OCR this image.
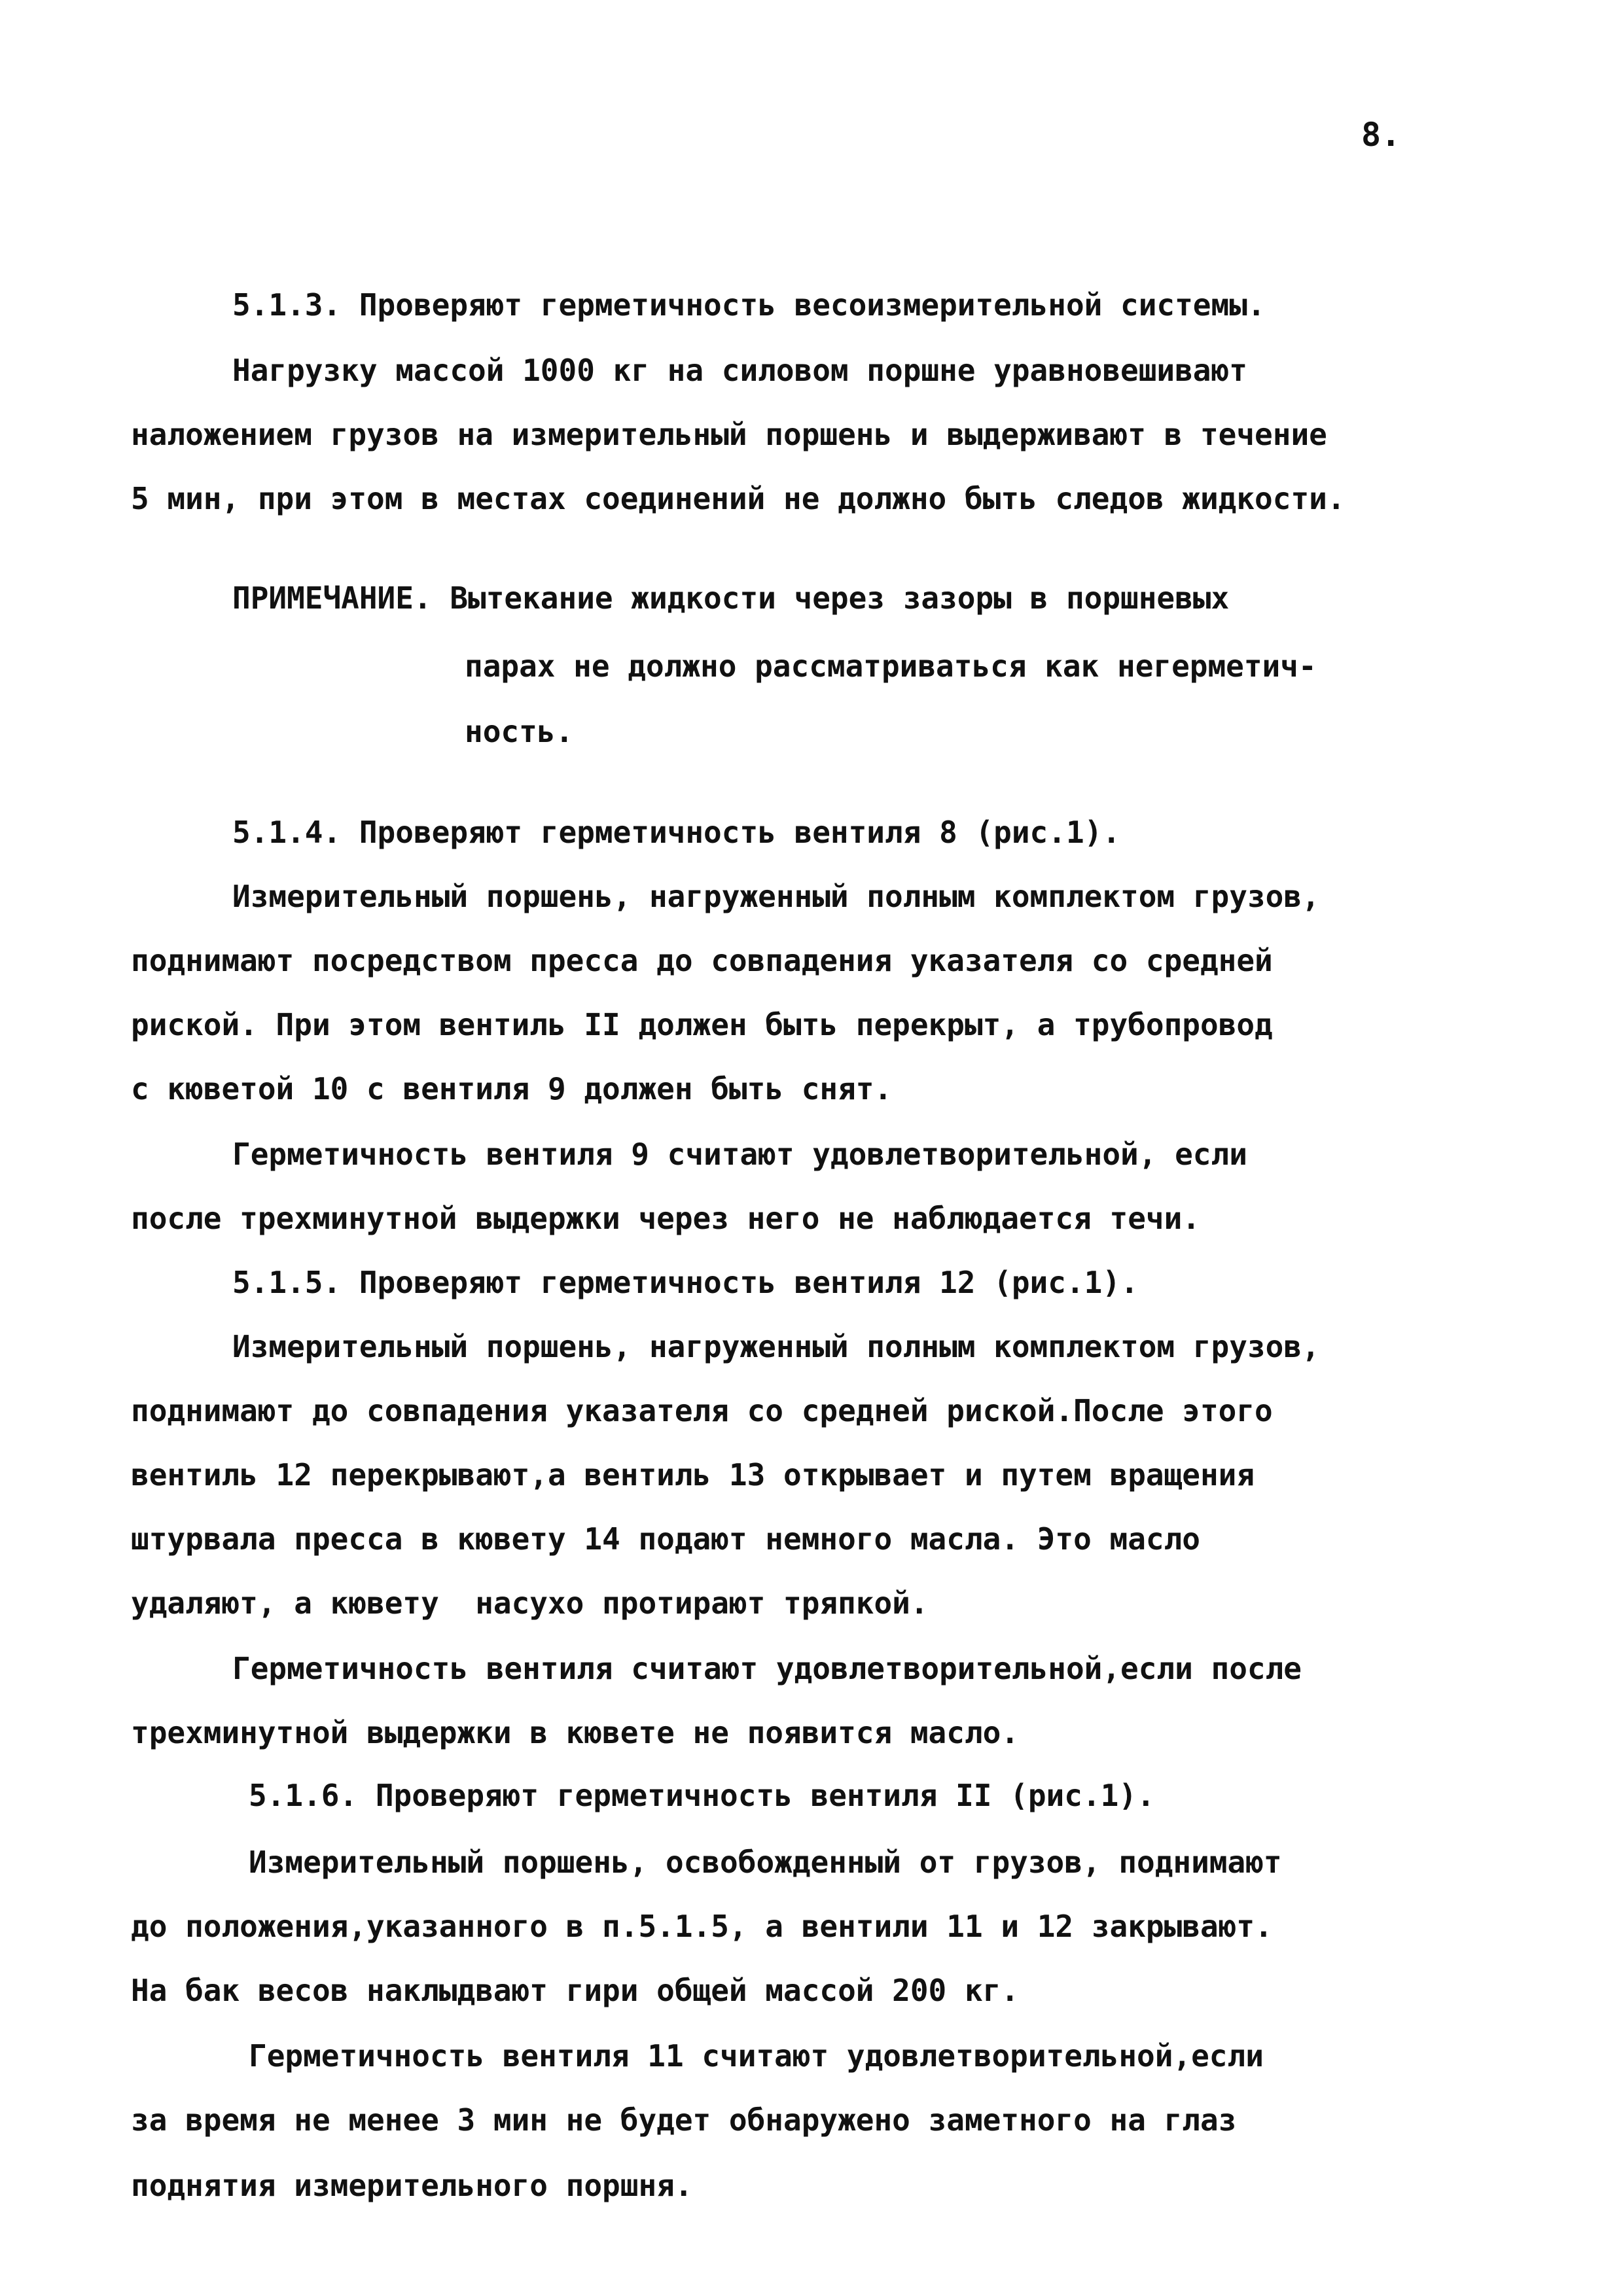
8.
5.1.3. Проверяют герметичность весоизмерительной системы.
Нагрузку массой 1000 кг на силовом поршне уравновешивают
наложением грузов на измерительный поршень и выдерживают в течение
5 мин, при этом в местах соединений не должно быть следов жидкости.
ПРИМЕЧАНИЕ. Вытекание жидкости через зазоры в поршневых
парах не должно рассматриваться как негерметич-
ность.
5.1.4. Проверяют герметичность вентиля 8 (рис.1).
Измерительный поршень, нагруженный полным комплектом грузов,
поднимают посредством пресса до совпадения указателя со средней
риской. При этом вентиль II должен быть перекрыт, а трубопровод
с кюветой 10 с вентиля 9 должен быть снят.
Герметичность вентиля 9 считают удовлетворительной, если
после трехминутной выдержки через него не наблюдается течи.
5.1.5. Проверяют герметичность вентиля 12 (рис.1).
Измерительный поршень, нагруженный полным комплектом грузов,
поднимают до совпадения указателя со средней риской.После этого
вентиль 12 перекрывают,а вентиль 13 открывает и путем вращения
штурвала пресса в кювету 14 подают немного масла. Это масло
удаляют, а кювету  насухо протирают тряпкой.
Герметичность вентиля считают удовлетворительной,если после
трехминутной выдержки в кювете не появится масло.
5.1.6. Проверяют герметичность вентиля II (рис.1).
Измерительный поршень, освобожденный от грузов, поднимают
до положения,указанного в п.5.1.5, а вентили 11 и 12 закрывают.
На бак весов наклыдвают гири общей массой 200 кг.
Герметичность вентиля 11 считают удовлетворительной,если
за время не менее 3 мин не будет обнаружено заметного на глаз
поднятия измерительного поршня.
